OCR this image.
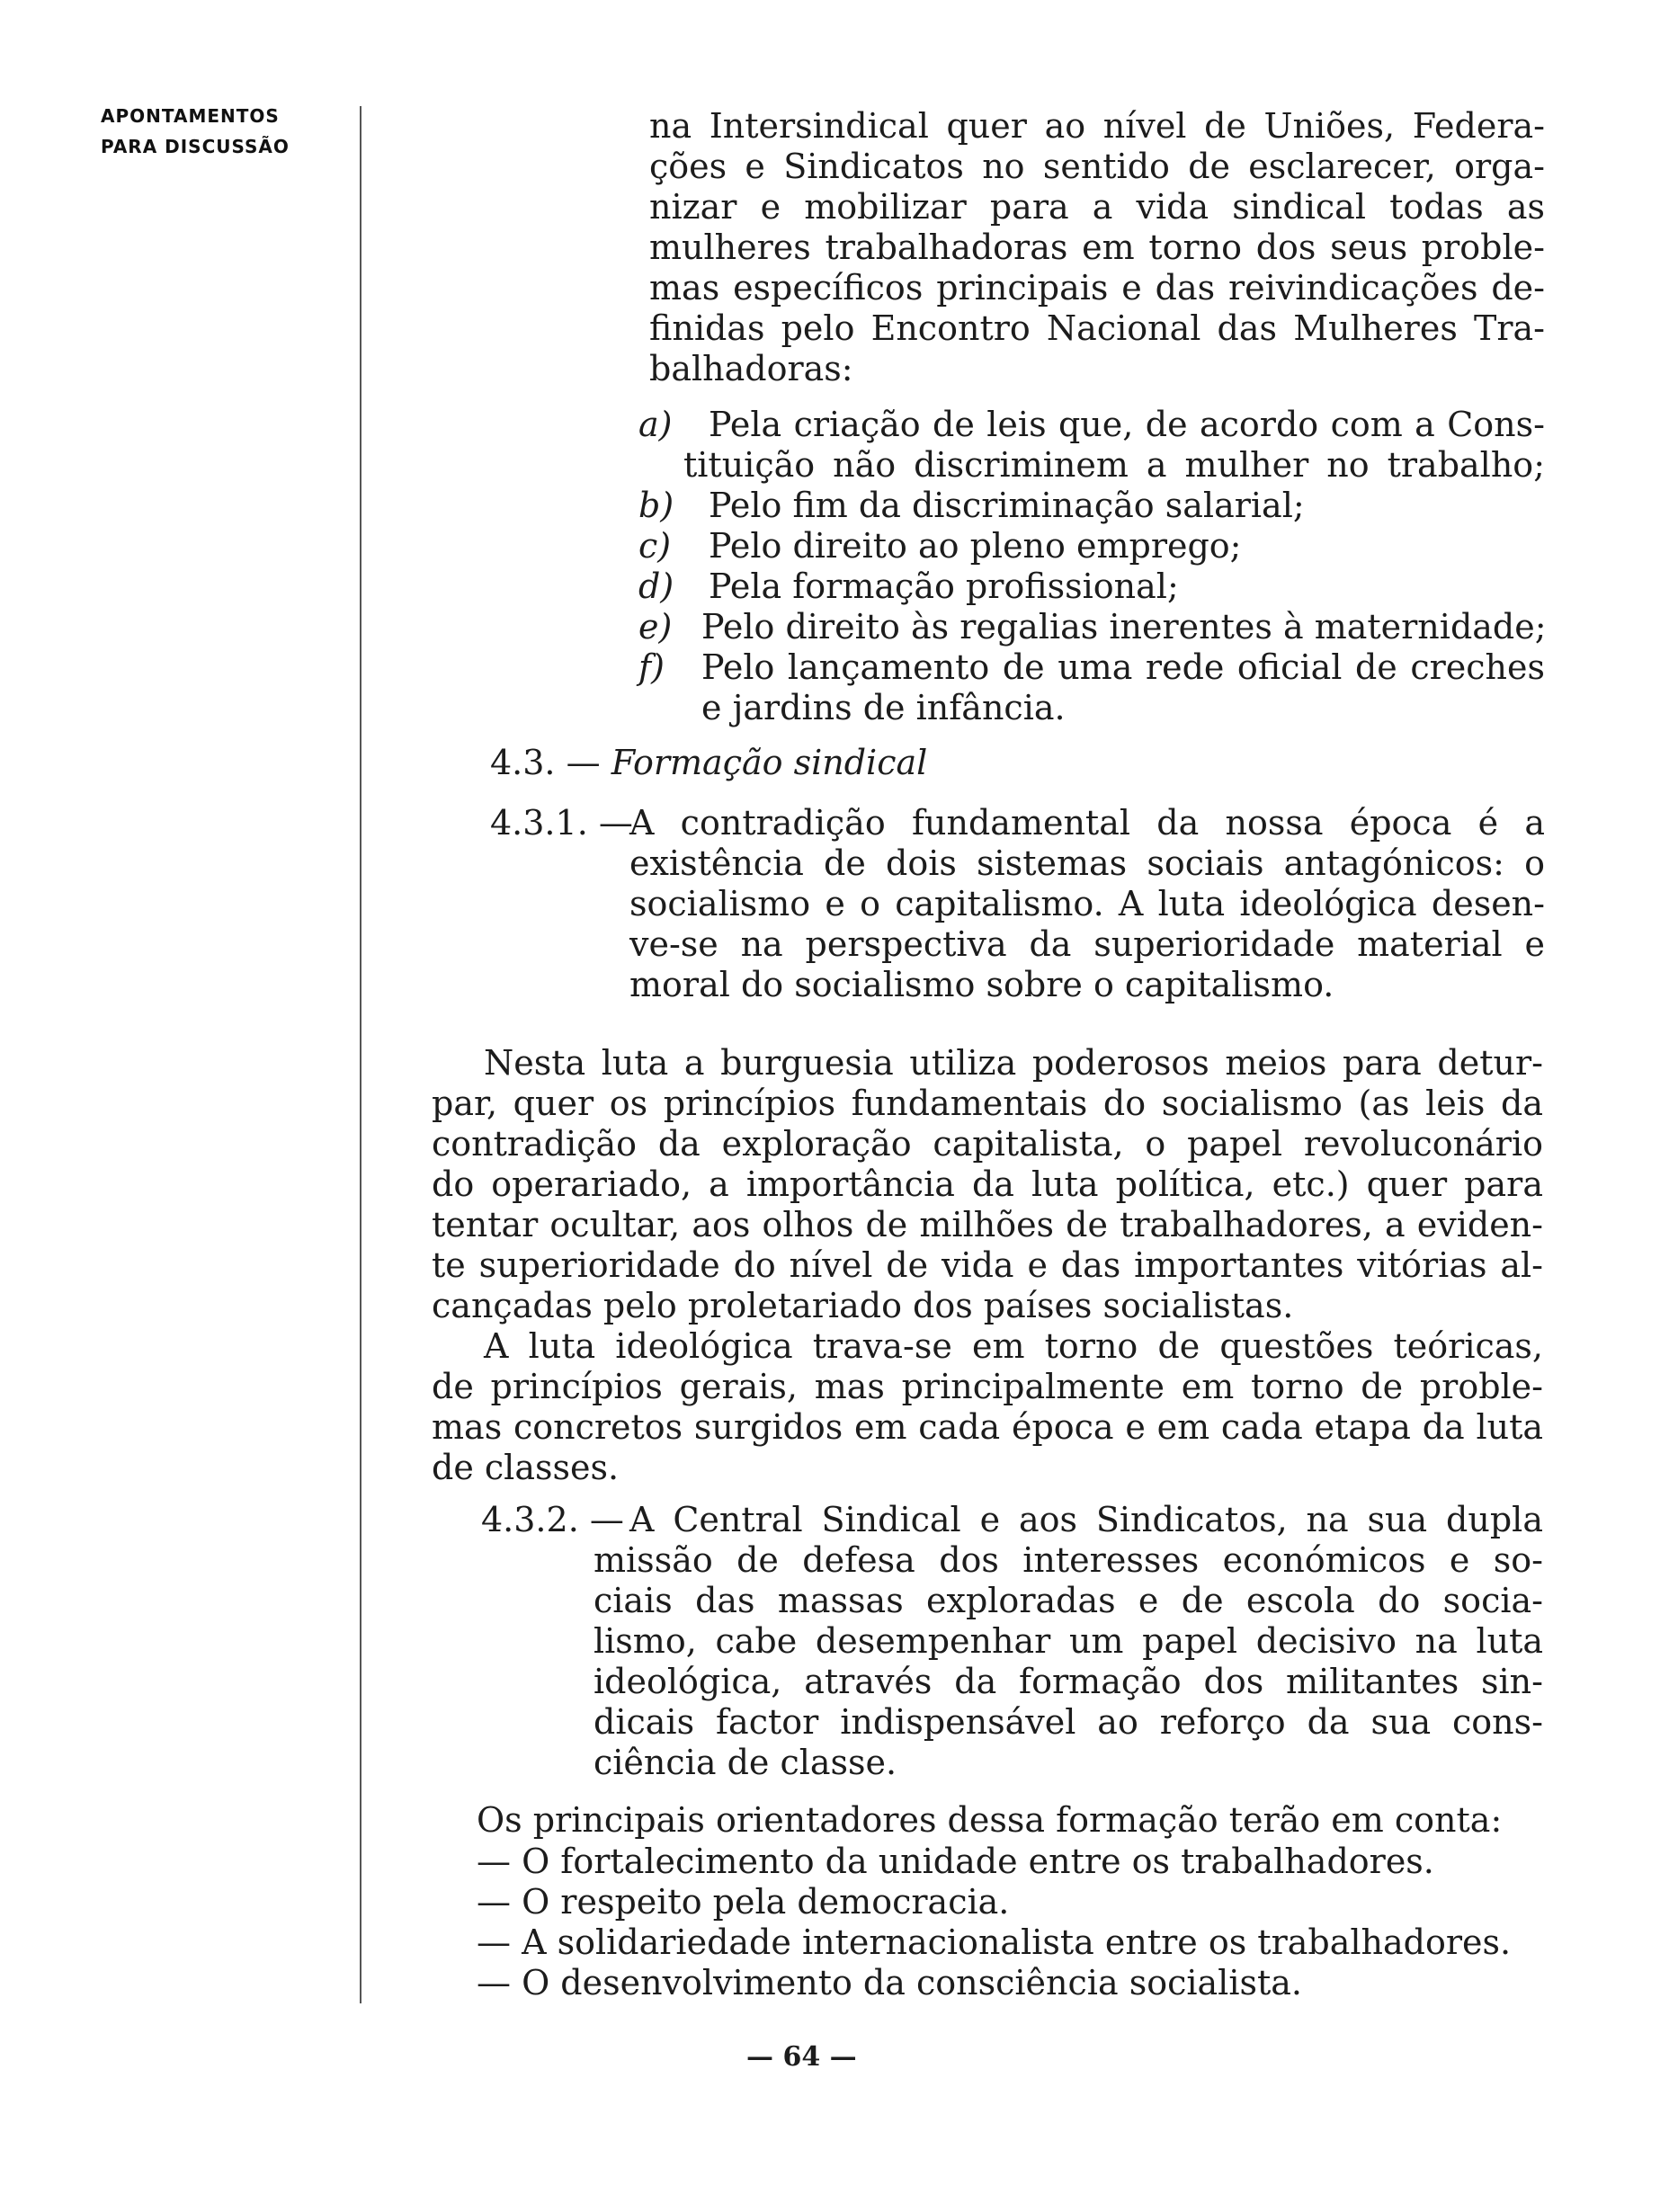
APONTAMENTOS
PARA DISCUSSÃO
na Intersindical quer ao nível de Uniões, Federa-
ções e Sindicatos no sentido de esclarecer, orga-
nizar e mobilizar para a vida sindical todas as
mulheres trabalhadoras em torno dos seus proble-
mas específicos principais e das reivindicações de-
finidas pelo Encontro Nacional das Mulheres Tra-
balhadoras:
a) Pela criação de leis que, de acordo com a Cons-
tituição não discriminem a mulher no trabalho;
b) Pelo fim da discriminação salarial;
c) Pelo direito ao pleno emprego;
d) Pela formação profissional;
e) Pelo direito às regalias inerentes à maternidade;
f) Pelo lançamento de uma rede oficial de creches
e jardins de infância.
4.3. — Formação sindical
4.3.1. —
A contradição fundamental da nossa época é a
existência de dois sistemas sociais antagónicos: o
socialismo e o capitalismo. A luta ideológica desen-
ve-se na perspectiva da superioridade material e
moral do socialismo sobre o capitalismo.
Nesta luta a burguesia utiliza poderosos meios para detur-
par, quer os princípios fundamentais do socialismo (as leis da
contradição da exploração capitalista, o papel revoluconário
do operariado, a importância da luta política, etc.) quer para
tentar ocultar, aos olhos de milhões de trabalhadores, a eviden-
te superioridade do nível de vida e das importantes vitórias al-
cançadas pelo proletariado dos países socialistas.
A luta ideológica trava-se em torno de questões teóricas,
de princípios gerais, mas principalmente em torno de proble-
mas concretos surgidos em cada época e em cada etapa da luta
de classes.
4.3.2. — A Central Sindical e aos Sindicatos, na sua dupla
missão de defesa dos interesses económicos e so-
ciais das massas exploradas e de escola do socia-
lismo, cabe desempenhar um papel decisivo na luta
ideológica, através da formação dos militantes sin-
dicais factor indispensável ao reforço da sua cons-
ciência de classe.
Os principais orientadores dessa formação terão em conta:
— O fortalecimento da unidade entre os trabalhadores.
— O respeito pela democracia.
— A solidariedade internacionalista entre os trabalhadores.
— O desenvolvimento da consciência socialista.
— 64 —
